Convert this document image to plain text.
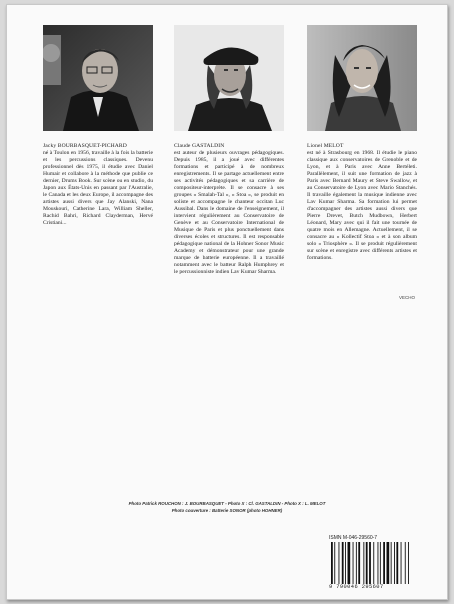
Jacky BOURBASQUET-PICHARD
né à Toulon en 1956, travaille à la fois la batterie et les percussions classiques. Devenu professionnel dès 1975, il étudie avec Daniel Humair et collabore à la méthode que publie ce dernier, Drums Book. Sur scène ou en studio, du Japon aux États-Unis en passant par l'Australie, le Canada et les deux Europe, il accompagne des artistes aussi divers que Jay Alanski, Nana Mouskouri, Catherine Lara, William Sheller, Rachid Bahri, Richard Clayderman, Hervé Cristiani...
Claude GASTALDIN
est auteur de plusieurs ouvrages pédagogiques. Depuis 1985, il a joué avec différentes formations et participé à de nombreux enregistrements. Il se partage actuellement entre ses activités pédagogiques et sa carrière de compositeur-interprète. Il se consacre à ses groupes « Smalah-Tal », « Stoa », se produit en soliste et accompagne le chanteur occitan Luc Aussibal. Dans le domaine de l'enseignement, il intervient régulièrement au Conservatoire de Genève et au Conservatoire International de Musique de Paris et plus ponctuellement dans diverses écoles et structures. Il est responsable pédagogique national de la Hohner Sonor Music Academy et démonstrateur pour une grande marque de batterie européenne. Il a travaillé notamment avec le batteur Ralph Humphrey et le percussionniste indien Lav Kumar Sharma.
Lionel MELOT
est né à Strasbourg en 1968. Il étudie le piano classique aux conservatoires de Grenoble et de Lyon, et à Paris avec Anne Bertéleti. Parallèlement, il suit une formation de jazz à Paris avec Bernard Maury et Steve Swallow, et au Conservatoire de Lyon avec Mario Stanchés. Il travaille également la musique indienne avec Lav Kumar Sharma. Sa formation lui permet d'accompagner des artistes aussi divers que Pierre Drevet, Butch Mudbown, Herbert Léonard, Mary avec qui il fait une tournée de quatre mois en Allemagne. Actuellement, il se consacre au « Kollectif Stoa » et à son album solo « Triosphère ». Il se produit régulièrement sur scène et enregistre avec différents artistes et formations.
VECHO
Photo Patrick ROUCHON : J. BOURBASQUET - Photo X : Cl. GASTALDIN - Photo X : L. MELOT
Photo couverture : Batterie SONOR (photo HOHNER)
ISMN M-046-29560-7
9 790046 295607
